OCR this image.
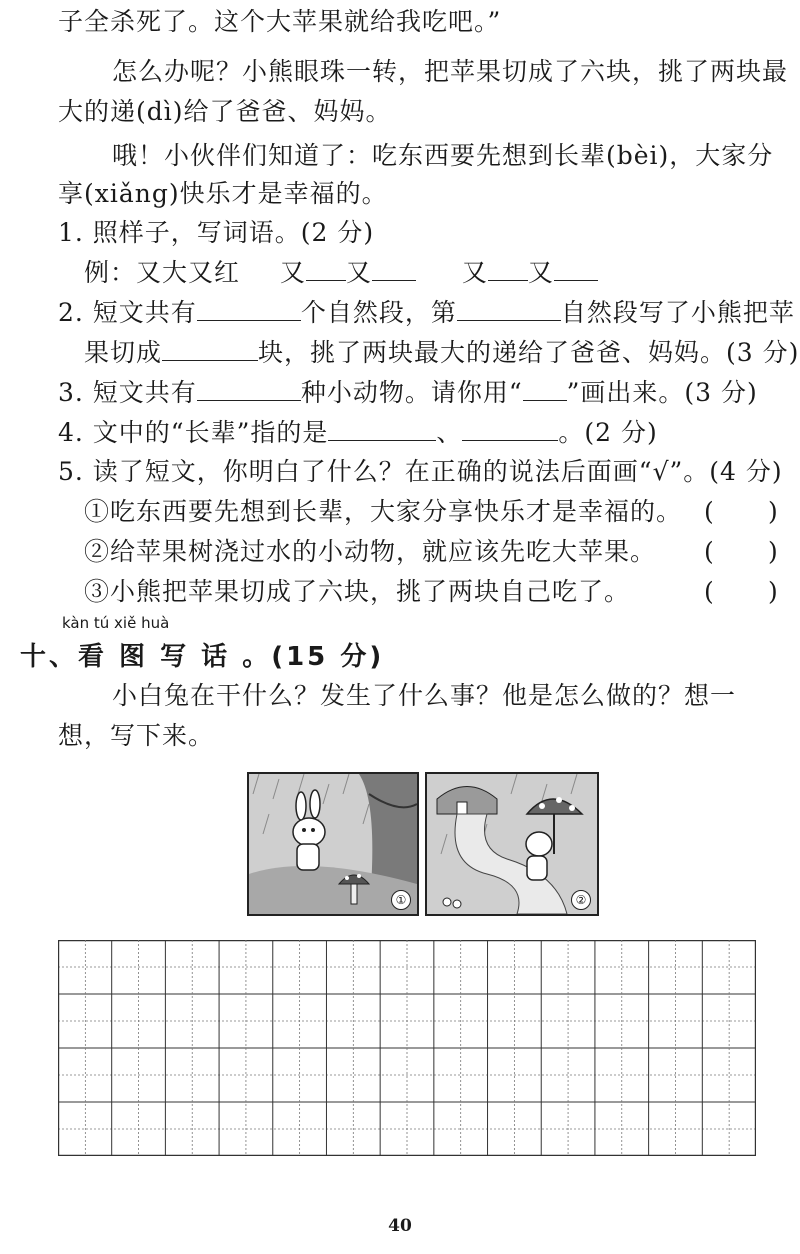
子全杀死了。这个大苹果就给我吃吧。”
怎么办呢？小熊眼珠一转，把苹果切成了六块，挑了两块最
大的递(dì)给了爸爸、妈妈。
哦！小伙伴们知道了：吃东西要先想到长辈(bèi)，大家分
享(xiǎng)快乐才是幸福的。
1. 照样子，写词语。(2 分)
例：又大又红 又 又	又 又
2. 短文共有	个自然段，第	自然段写了小熊把苹
果切成	块，挑了两块最大的递给了爸爸、妈妈。(3 分)
3. 短文共有	种小动物。请你用“ ”画出来。(3 分)
4. 文中的“长辈”指的是	、	。(2 分)
5. 读了短文，你明白了什么？在正确的说法后面画“√”。(4 分)
①吃东西要先想到长辈，大家分享快乐才是幸福的。 ( )
②给苹果树浇过水的小动物，就应该先吃大苹果。 ( )
③小熊把苹果切成了六块，挑了两块自己吃了。	( )
kàn tú xiě huà
十、看 图 写 话 。(15 分)
小白兔在干什么？发生了什么事？他是怎么做的？想一
想，写下来。
①	②
40
